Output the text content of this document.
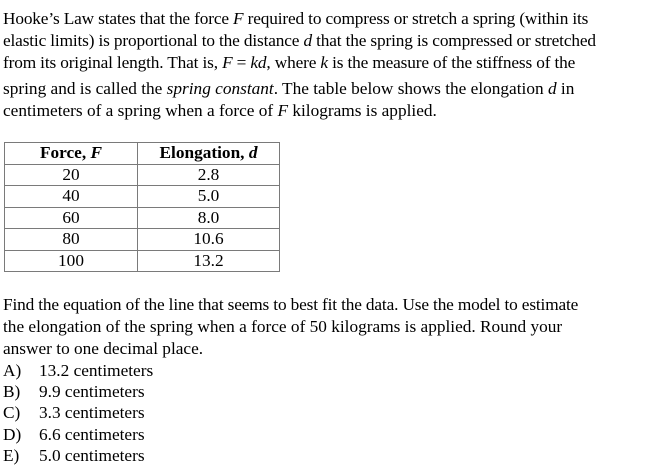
Hooke’s Law states that the force F required to compress or stretch a spring (within its
elastic limits) is proportional to the distance d that the spring is compressed or stretched
from its original length. That is, F = kd, where k is the measure of the stiffness of the
spring and is called the spring constant. The table below shows the elongation d in
centimeters of a spring when a force of F kilograms is applied.
Force, F	Elongation, d
20	2.8
40	5.0
60	8.0
80	10.6
100	13.2
Find the equation of the line that seems to best fit the data. Use the model to estimate
the elongation of the spring when a force of 50 kilograms is applied. Round your
answer to one decimal place.
A) 13.2 centimeters
B) 9.9 centimeters
C) 3.3 centimeters
D) 6.6 centimeters
E) 5.0 centimeters
